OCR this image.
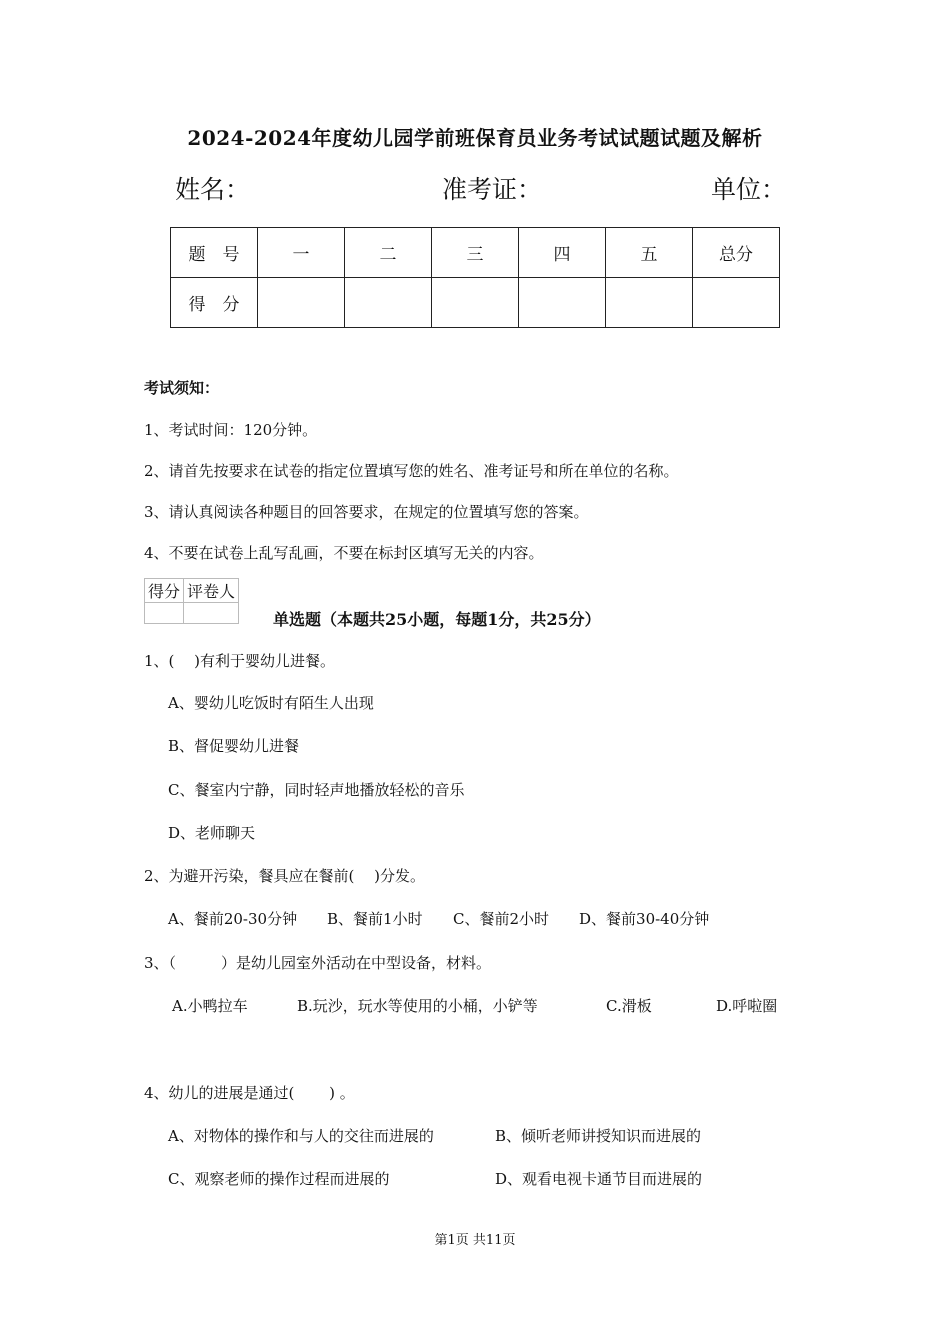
2024-2024年度幼儿园学前班保育员业务考试试题试题及解析
姓名：	准考证：	单位：
题　号	一	二	三	四	五	总分
得　分						
考试须知：
1、考试时间：120分钟。
2、请首先按要求在试卷的指定位置填写您的姓名、准考证号和所在单位的名称。
3、请认真阅读各种题目的回答要求，在规定的位置填写您的答案。
4、不要在试卷上乱写乱画，不要在标封区填写无关的内容。
得分	评卷人

单选题（本题共25小题，每题1分，共25分）
1、(　 )有利于婴幼儿进餐。
A、婴幼儿吃饭时有陌生人出现
B、督促婴幼儿进餐
C、餐室内宁静，同时轻声地播放轻松的音乐
D、老师聊天
2、为避开污染，餐具应在餐前(　 )分发。
A、餐前20-30分钟 B、餐前1小时 C、餐前2小时 D、餐前30-40分钟
3、（　　　）是幼儿园室外活动在中型设备，材料。
A.小鸭拉车	B.玩沙，玩水等使用的小桶，小铲等	C.滑板	D.呼啦圈
4、幼儿的进展是通过(　　 ) 。
A、对物体的操作和与人的交往而进展的	B、倾听老师讲授知识而进展的
C、观察老师的操作过程而进展的	D、观看电视卡通节目而进展的
第1页 共11页
